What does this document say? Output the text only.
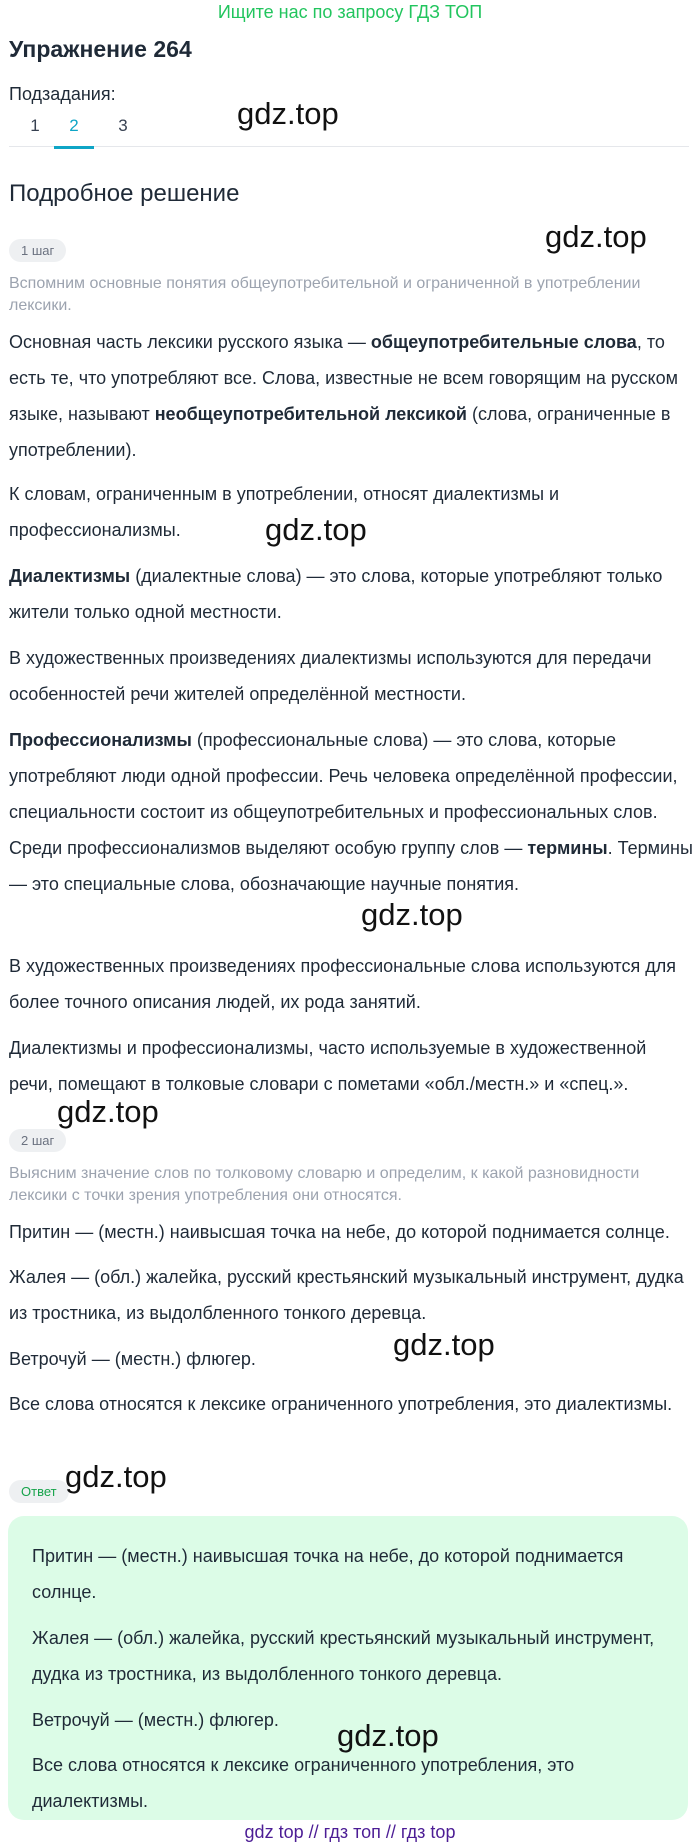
Ищите нас по запросу ГДЗ ТОП
Упражнение 264
Подзадания:
1	2	3
Подробное решение
1 шаг

Вспомним основные понятия общеупотребительной и ограниченной в употреблении лексики.

Основная часть лексики русского языка — общеупотребительные слова, то есть те, что употребляют все. Слова, известные не всем говорящим на русском языке, называют необщеупотребительной лексикой (слова, ограниченные в употреблении).

К словам, ограниченным в употреблении, относят диалектизмы и профессионализмы.

Диалектизмы (диалектные слова) — это слова, которые употребляют только жители только одной местности.

В художественных произведениях диалектизмы используются для передачи особенностей речи жителей определённой местности.

Профессионализмы (профессиональные слова) — это слова, которые употребляют люди одной профессии. Речь человека определённой профессии, специальности состоит из общеупотребительных и профессиональных слов. Среди профессионализмов выделяют особую группу слов — термины. Термины — это специальные слова, обозначающие научные понятия.

В художественных произведениях профессиональные слова используются для более точного описания людей, их рода занятий.

Диалектизмы и профессионализмы, часто используемые в художественной речи, помещают в толковые словари с пометами «обл./местн.» и «спец.».

2 шаг

Выясним значение слов по толковому словарю и определим, к какой разновидности лексики с точки зрения употребления они относятся.

Притин — (местн.) наивысшая точка на небе, до которой поднимается солнце.

Жалея — (обл.) жалейка, русский крестьянский музыкальный инструмент, дудка из тростника, из выдолбленного тонкого деревца.

Ветрочуй — (местн.) флюгер.

Все слова относятся к лексике ограниченного употребления, это диалектизмы.

Ответ

Притин — (местн.) наивысшая точка на небе, до которой поднимается солнце.

Жалея — (обл.) жалейка, русский крестьянский музыкальный инструмент, дудка из тростника, из выдолбленного тонкого деревца.

Ветрочуй — (местн.) флюгер.

Все слова относятся к лексике ограниченного употребления, это диалектизмы.

gdz.top
gdz.top
gdz.top
gdz.top
gdz.top
gdz.top
gdz.top
gdz.top
gdz top // гдз топ // гдз top
